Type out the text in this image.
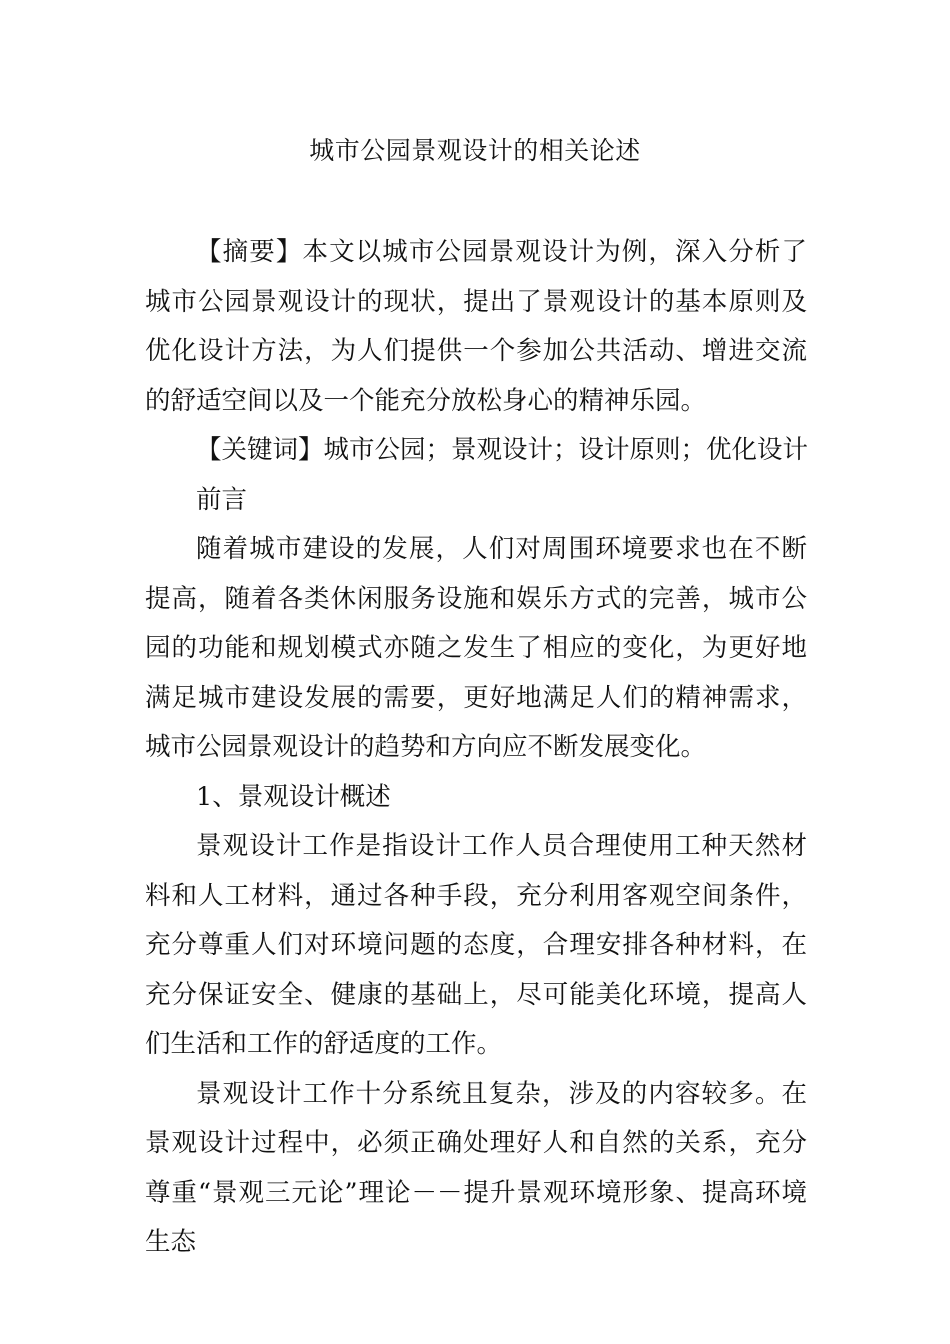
城市公园景观设计的相关论述

【摘要】本文以城市公园景观设计为例，深入分析了城市公园景观设计的现状，提出了景观设计的基本原则及优化设计方法，为人们提供一个参加公共活动、增进交流的舒适空间以及一个能充分放松身心的精神乐园。

【关键词】城市公园；景观设计；设计原则；优化设计

前言

随着城市建设的发展，人们对周围环境要求也在不断提高，随着各类休闲服务设施和娱乐方式的完善，城市公园的功能和规划模式亦随之发生了相应的变化，为更好地满足城市建设发展的需要，更好地满足人们的精神需求，城市公园景观设计的趋势和方向应不断发展变化。

1、景观设计概述

景观设计工作是指设计工作人员合理使用工种天然材料和人工材料，通过各种手段，充分利用客观空间条件，充分尊重人们对环境问题的态度，合理安排各种材料，在充分保证安全、健康的基础上，尽可能美化环境，提高人们生活和工作的舒适度的工作。

景观设计工作十分系统且复杂，涉及的内容较多。在景观设计过程中，必须正确处理好人和自然的关系，充分尊重“景观三元论”理论－－提升景观环境形象、提高环境生态
